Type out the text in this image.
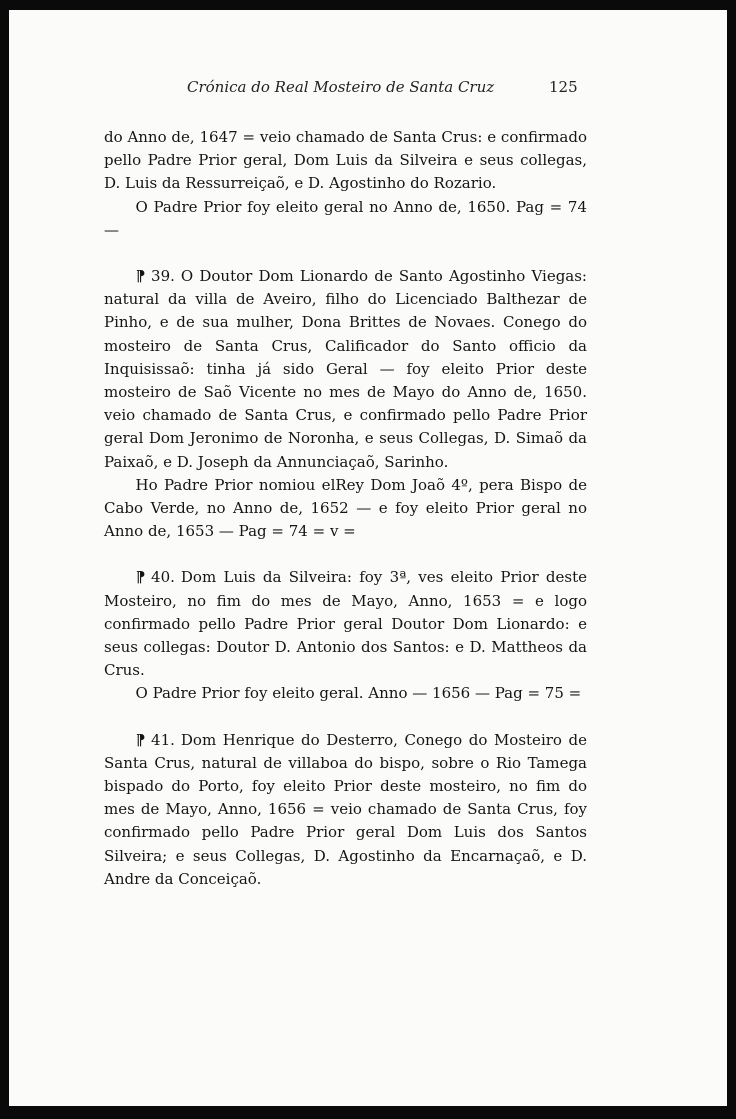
Crónica do Real Mosteiro de Santa Cruz	125

do Anno de, 1647 = veio chamado de Santa Crus: e confirmado pello Padre Prior geral, Dom Luis da Silveira e seus collegas, D. Luis da Ressurreiçaõ, e D. Agostinho do Rozario.

O Padre Prior foy eleito geral no Anno de, 1650. Pag = 74 —

¶ 39. O Doutor Dom Lionardo de Santo Agostinho Viegas: natural da villa de Aveiro, filho do Licenciado Balthezar de Pinho, e de sua mulher, Dona Brittes de Novaes. Conego do mosteiro de Santa Crus, Calificador do Santo officio da Inquisissaõ: tinha já sido Geral — foy eleito Prior deste mosteiro de Saõ Vicente no mes de Mayo do Anno de, 1650. veio chamado de Santa Crus, e confirmado pello Padre Prior geral Dom Jeronimo de Noronha, e seus Collegas, D. Simaõ da Paixaõ, e D. Joseph da Annunciaçaõ, Sarinho.

Ho Padre Prior nomiou elRey Dom Joaõ 4º, pera Bispo de Cabo Verde, no Anno de, 1652 — e foy eleito Prior geral no Anno de, 1653 — Pag = 74 = v =

¶ 40. Dom Luis da Silveira: foy 3ª, ves eleito Prior deste Mosteiro, no fim do mes de Mayo, Anno, 1653 = e logo confirmado pello Padre Prior geral Doutor Dom Lionardo: e seus collegas: Doutor D. Antonio dos Santos: e D. Mattheos da Crus.

O Padre Prior foy eleito geral. Anno — 1656 — Pag = 75 =

¶ 41. Dom Henrique do Desterro, Conego do Mosteiro de Santa Crus, natural de villaboa do bispo, sobre o Rio Tamega bispado do Porto, foy eleito Prior deste mosteiro, no fim do mes de Mayo, Anno, 1656 = veio chamado de Santa Crus, foy confirmado pello Padre Prior geral Dom Luis dos Santos Silveira; e seus Collegas, D. Agostinho da Encarnaçaõ, e D. Andre da Conceiçaõ.
